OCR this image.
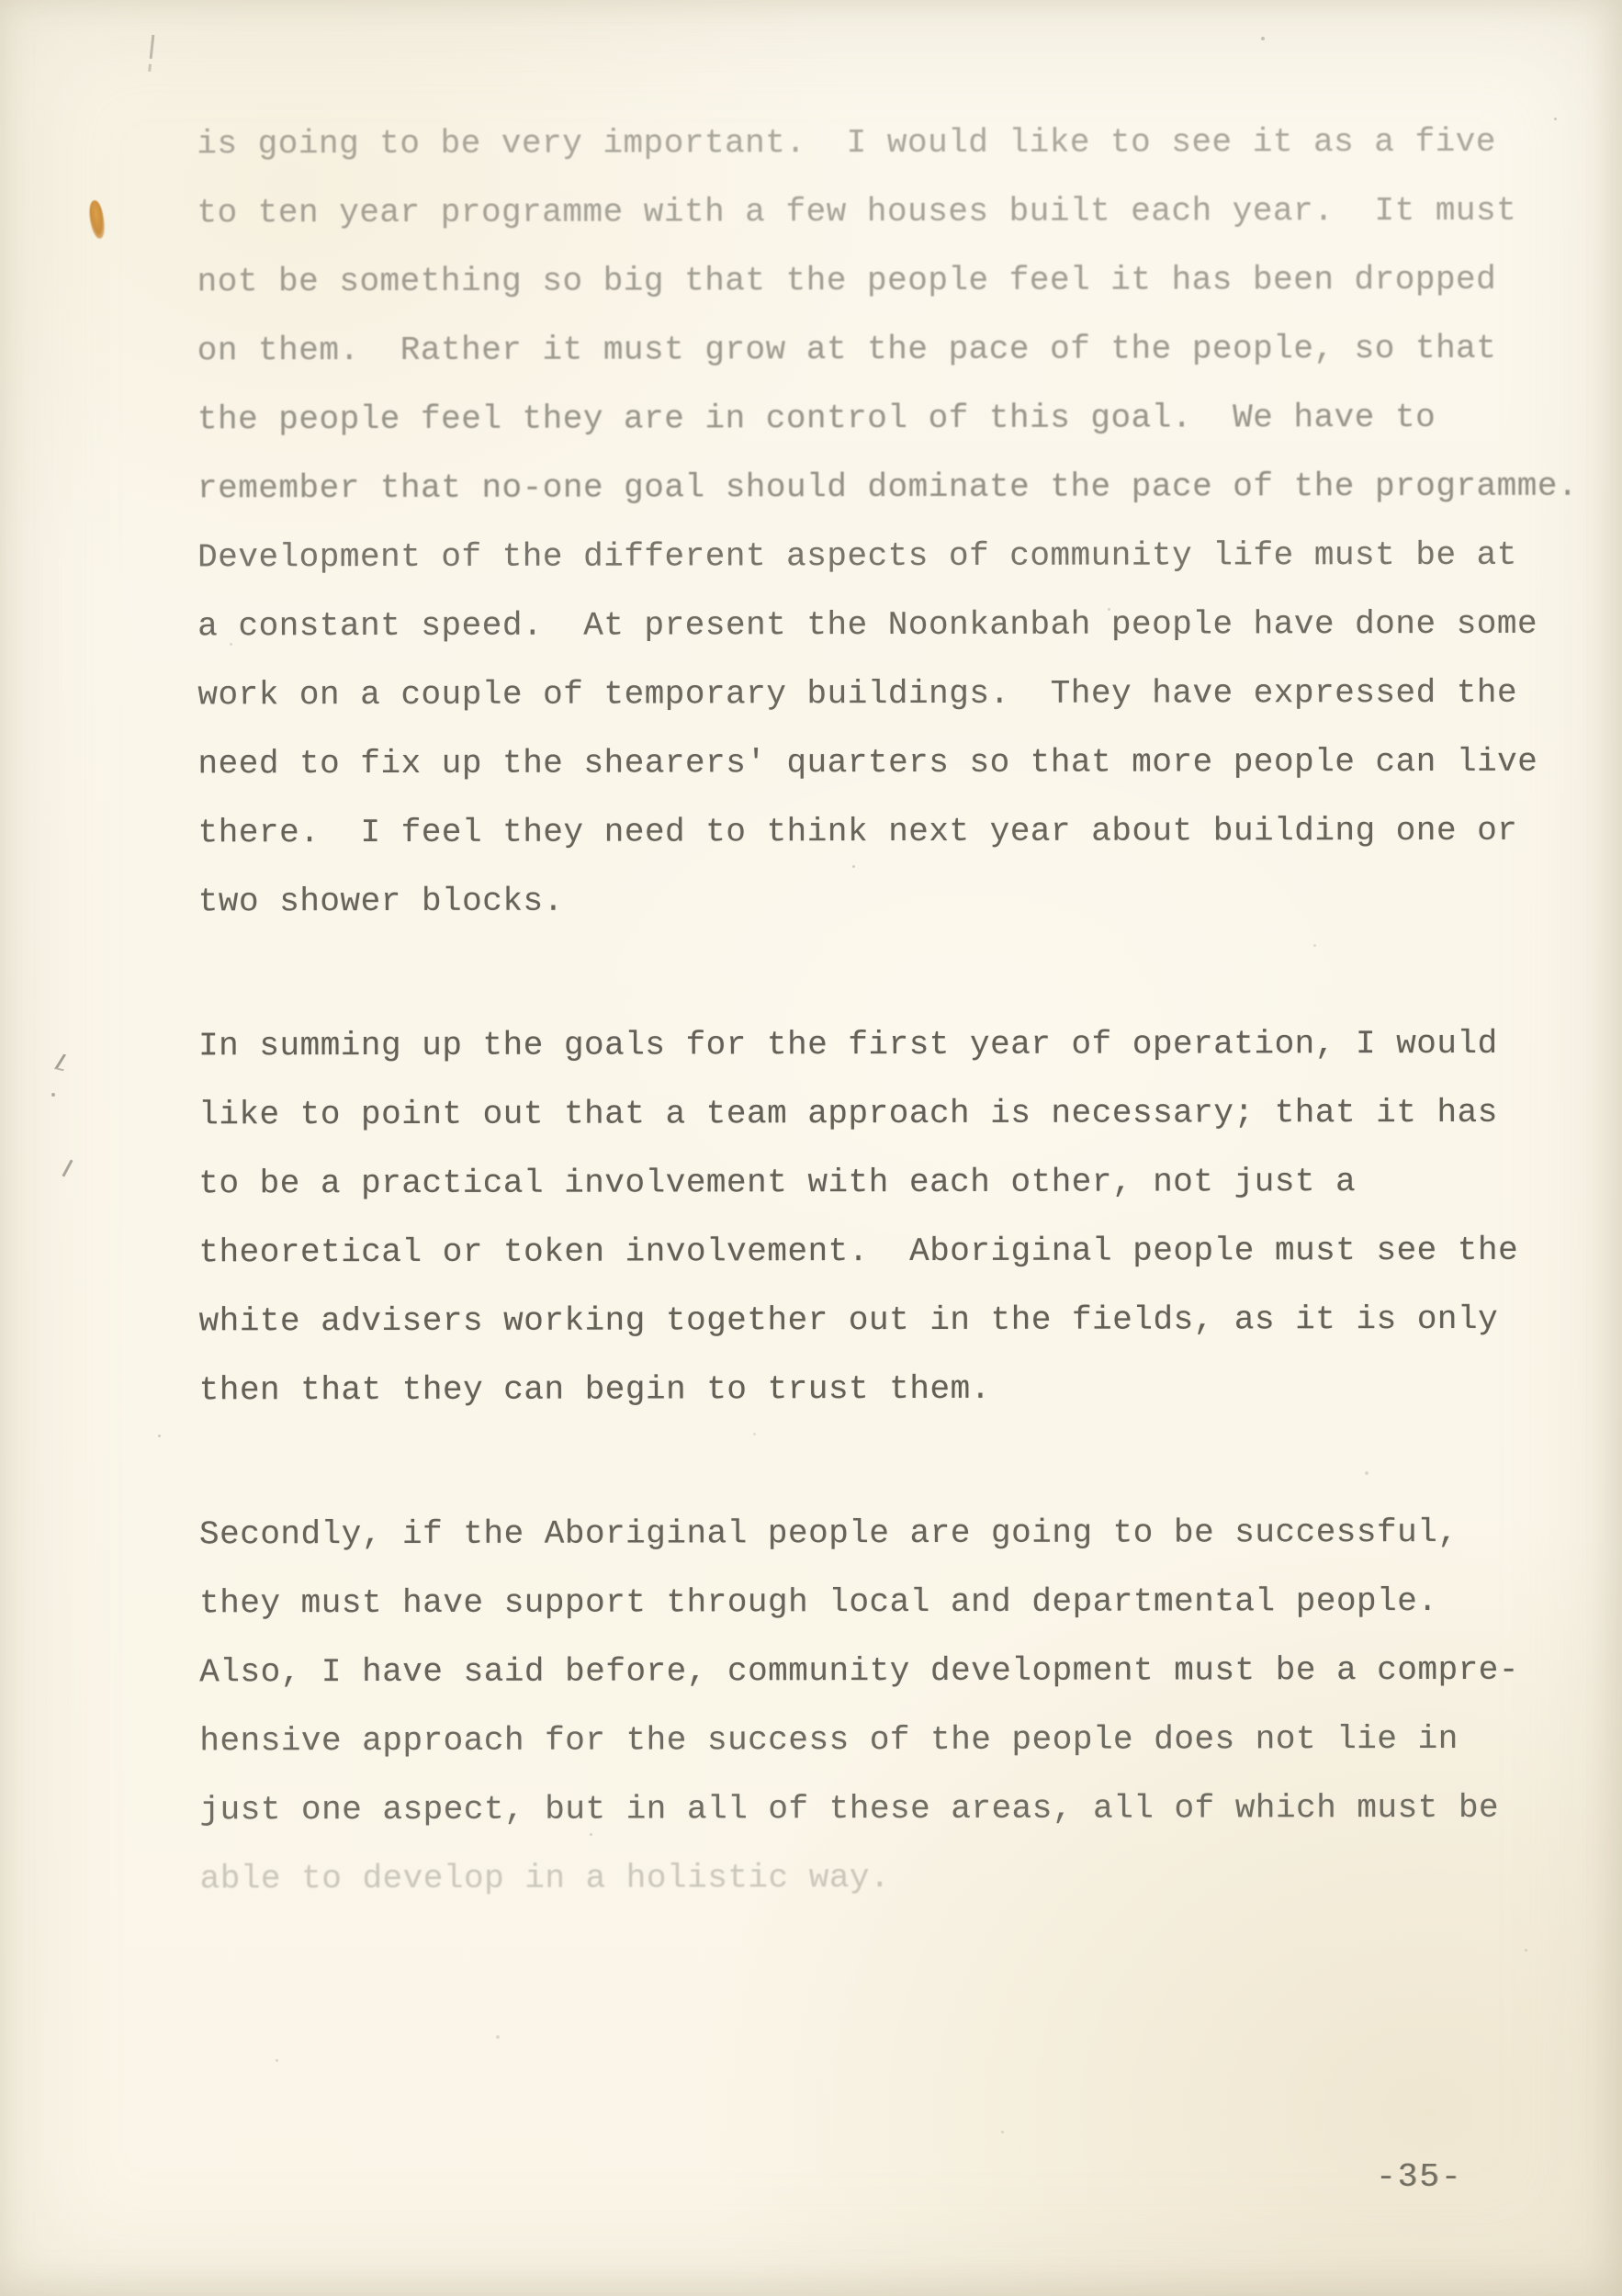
is going to be very important.  I would like to see it as a five
to ten year programme with a few houses built each year.  It must
not be something so big that the people feel it has been dropped
on them.  Rather it must grow at the pace of the people, so that
the people feel they are in control of this goal.  We have to
remember that no-one goal should dominate the pace of the programme.
Development of the different aspects of community life must be at
a constant speed.  At present the Noonkanbah people have done some
work on a couple of temporary buildings.  They have expressed the
need to fix up the shearers' quarters so that more people can live
there.  I feel they need to think next year about building one or
two shower blocks.
In summing up the goals for the first year of operation, I would
like to point out that a team approach is necessary; that it has
to be a practical involvement with each other, not just a
theoretical or token involvement.  Aboriginal people must see the
white advisers working together out in the fields, as it is only
then that they can begin to trust them.
Secondly, if the Aboriginal people are going to be successful,
they must have support through local and departmental people.
Also, I have said before, community development must be a compre-
hensive approach for the success of the people does not lie in
just one aspect, but in all of these areas, all of which must be
able to develop in a holistic way.
-35-
